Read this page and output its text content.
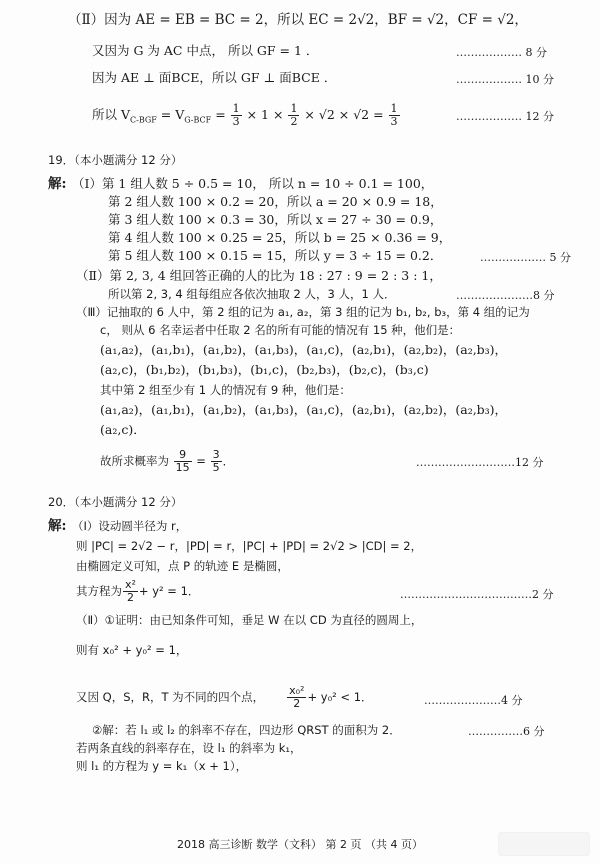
（Ⅱ）因为 AE = EB = BC = 2，所以 EC = 2√2，BF = √2，CF = √2，
又因为 G 为 AC 中点， 所以 GF = 1 ．	……………… 8 分
因为 AE ⊥ 面BCE，所以 GF ⊥ 面BCE ．	……………… 10 分
所以 $V_{C-BGF} = V_{G-BCF} = \frac{1}{3} \times 1 \times \frac{1}{2} \times √2 \times √2 = \frac{1}{3}$	……………… 12 分
19．（本小题满分 12 分）
解: （Ⅰ）第 1 组人数 5 ÷ 0.5 = 10， 所以 n = 10 ÷ 0.1 = 100，
第 2 组人数 100 × 0.2 = 20，所以 a = 20 × 0.9 = 18，
第 3 组人数 100 × 0.3 = 30，所以 x = 27 ÷ 30 = 0.9，
第 4 组人数 100 × 0.25 = 25，所以 b = 25 × 0.36 = 9，
第 5 组人数 100 × 0.15 = 15，所以 y = 3 ÷ 15 = 0.2．	……………… 5 分
（Ⅱ）第 2, 3, 4 组回答正确的人的比为 18 : 27 : 9 = 2 : 3 : 1，
所以第 2, 3, 4 组每组应各依次抽取 2 人，3 人，1 人．	…………………8 分
（Ⅲ）记抽取的 6 人中，第 2 组的记为 a₁, a₂，第 3 组的记为 b₁, b₂, b₃，第 4 组的记为
c， 则从 6 名幸运者中任取 2 名的所有可能的情况有 15 种，他们是：
(a₁,a₂)，(a₁,b₁)，(a₁,b₂)，(a₁,b₃)，(a₁,c)，(a₂,b₁)，(a₂,b₂)，(a₂,b₃)，
(a₂,c)，(b₁,b₂)，(b₁,b₃)，(b₁,c)，(b₂,b₃)，(b₂,c)，(b₃,c)
其中第 2 组至少有 1 人的情况有 9 种，他们是：
(a₁,a₂)，(a₁,b₁)，(a₁,b₂)，(a₁,b₃)，(a₁,c)，(a₂,b₁)，(a₂,b₂)，(a₂,b₃)，
(a₂,c)．
故所求概率为 $\frac{9}{15} = \frac{3}{5}$ ．	………………………12 分
20．（本小题满分 12 分）
解: （Ⅰ）设动圆半径为 r，
则 |PC| = 2√2 − r，|PD| = r，|PC| + |PD| = 2√2 > |CD| = 2，
由椭圆定义可知，点 P 的轨迹 E 是椭圆，
其方程为 $\frac{\text{x²}}{2} + y^2 = 1$．	………………………………2 分
（Ⅱ）①证明：由已知条件可知，垂足 W 在以 CD 为直径的圆周上，
则有 x₀² + y₀² = 1，
又因 Q，S，R，T 为不同的四个点， $\frac{\text{x₀²}}{2} + y_0^2 < 1$．	…………………4 分
②解：若 l₁ 或 l₂ 的斜率不存在，四边形 QRST 的面积为 2．	……………6 分
若两条直线的斜率存在，设 l₁ 的斜率为 k₁，
则 l₁ 的方程为 y = k₁（x + 1），
2018 高三诊断 数学（文科） 第 2 页 （共 4 页）
